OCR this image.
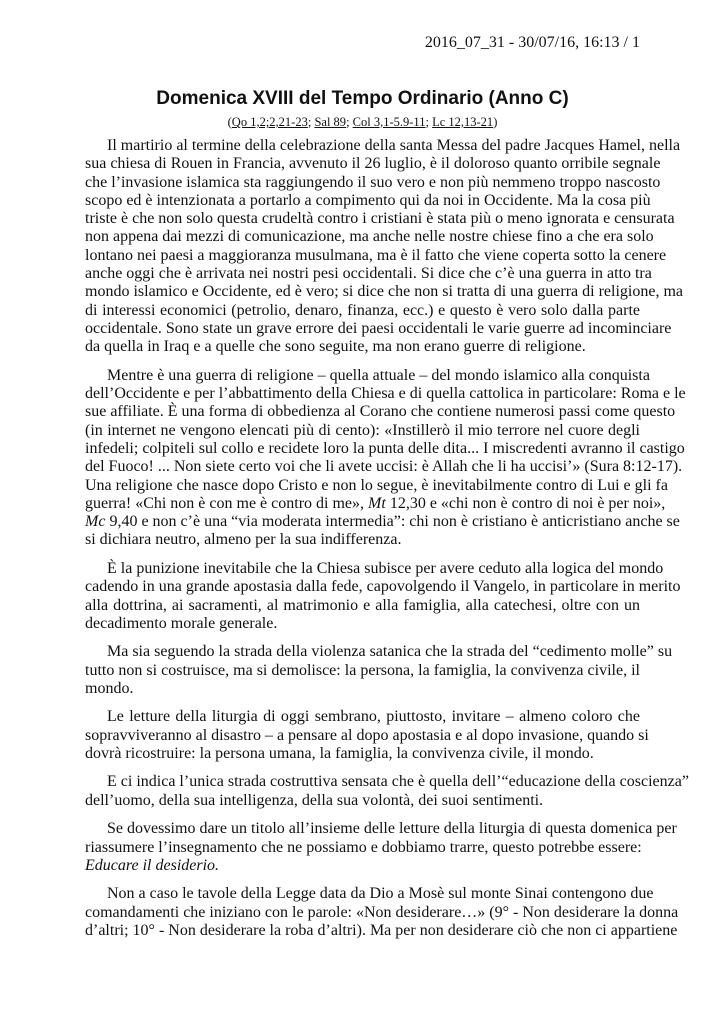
2016_07_31 - 30/07/16, 16:13 / 1
Domenica XVIII del Tempo Ordinario (Anno C)
(Qo 1,2;2,21-23; Sal 89; Col 3,1-5.9-11; Lc 12,13-21)
Il martirio al termine della celebrazione della santa Messa del padre Jacques Hamel, nella
sua chiesa di Rouen in Francia, avvenuto il 26 luglio, è il doloroso quanto orribile segnale
che l’invasione islamica sta raggiungendo il suo vero e non più nemmeno troppo nascosto
scopo ed è intenzionata a portarlo a compimento qui da noi in Occidente. Ma la cosa più
triste è che non solo questa crudeltà contro i cristiani è stata più o meno ignorata e censurata
non appena dai mezzi di comunicazione, ma anche nelle nostre chiese fino a che era solo
lontano nei paesi a maggioranza musulmana, ma è il fatto che viene coperta sotto la cenere
anche oggi che è arrivata nei nostri pesi occidentali. Si dice che c’è una guerra in atto tra
mondo islamico e Occidente, ed è vero; si dice che non si tratta di una guerra di religione, ma
di interessi economici (petrolio, denaro, finanza, ecc.) e questo è vero solo dalla parte
occidentale. Sono state un grave errore dei paesi occidentali le varie guerre ad incominciare
da quella in Iraq e a quelle che sono seguite, ma non erano guerre di religione.
Mentre è una guerra di religione – quella attuale – del mondo islamico alla conquista
dell’Occidente e per l’abbattimento della Chiesa e di quella cattolica in particolare: Roma e le
sue affiliate. È una forma di obbedienza al Corano che contiene numerosi passi come questo
(in internet ne vengono elencati più di cento): «Instillerò il mio terrore nel cuore degli
infedeli; colpiteli sul collo e recidete loro la punta delle dita... I miscredenti avranno il castigo
del Fuoco! ... Non siete certo voi che li avete uccisi: è Allah che li ha uccisi’» (Sura 8:12-17).
Una religione che nasce dopo Cristo e non lo segue, è inevitabilmente contro di Lui e gli fa
guerra! «Chi non è con me è contro di me», Mt 12,30 e «chi non è contro di noi è per noi»,
Mc 9,40 e non c’è una “via moderata intermedia”: chi non è cristiano è anticristiano anche se
si dichiara neutro, almeno per la sua indifferenza.
È la punizione inevitabile che la Chiesa subisce per avere ceduto alla logica del mondo
cadendo in una grande apostasia dalla fede, capovolgendo il Vangelo, in particolare in merito
alla dottrina, ai sacramenti, al matrimonio e alla famiglia, alla catechesi, oltre con un
decadimento morale generale.
Ma sia seguendo la strada della violenza satanica che la strada del “cedimento molle” su
tutto non si costruisce, ma si demolisce: la persona, la famiglia, la convivenza civile, il
mondo.
Le letture della liturgia di oggi sembrano, piuttosto, invitare – almeno coloro che
sopravviveranno al disastro – a pensare al dopo apostasia e al dopo invasione, quando si
dovrà ricostruire: la persona umana, la famiglia, la convivenza civile, il mondo.
E ci indica l’unica strada costruttiva sensata che è quella dell’“educazione della coscienza”
dell’uomo, della sua intelligenza, della sua volontà, dei suoi sentimenti.
Se dovessimo dare un titolo all’insieme delle letture della liturgia di questa domenica per
riassumere l’insegnamento che ne possiamo e dobbiamo trarre, questo potrebbe essere:
Educare il desiderio.
Non a caso le tavole della Legge data da Dio a Mosè sul monte Sinai contengono due
comandamenti che iniziano con le parole: «Non desiderare…» (9° - Non desiderare la donna
d’altri; 10° - Non desiderare la roba d’altri). Ma per non desiderare ciò che non ci appartiene
